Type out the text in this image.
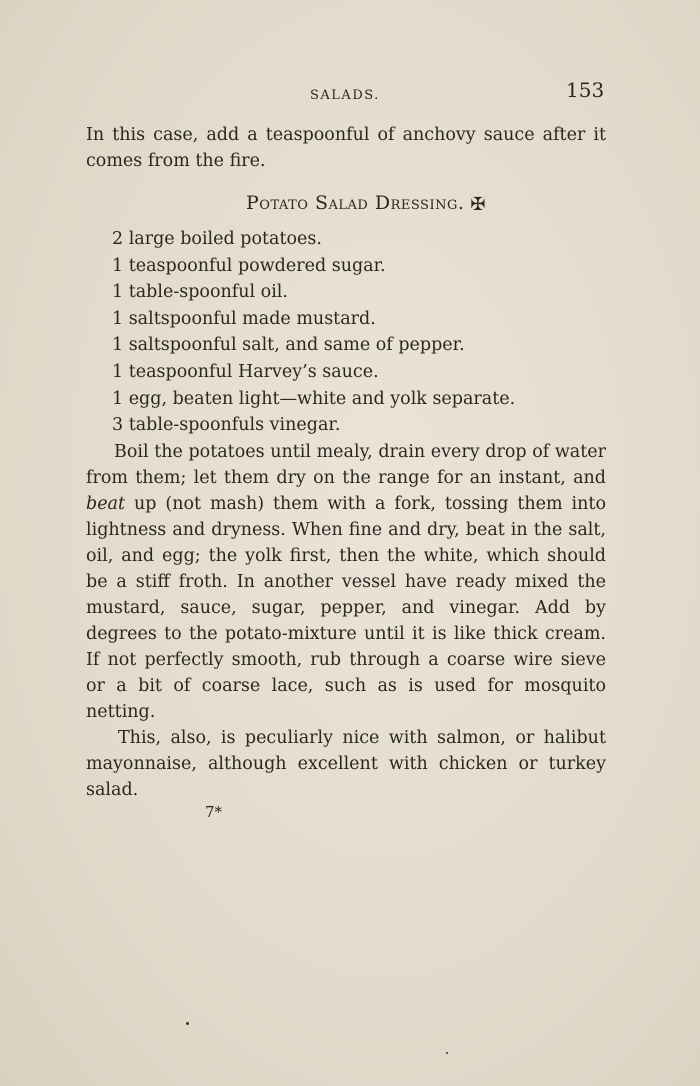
SALADS.	153

In this case, add a teaspoonful of anchovy sauce after it comes from the fire.

Potato Salad Dressing. ✠
2 large boiled potatoes.
1 teaspoonful powdered sugar.
1 table-spoonful oil.
1 saltspoonful made mustard.
1 saltspoonful salt, and same of pepper.
1 teaspoonful Harvey’s sauce.
1 egg, beaten light—white and yolk separate.
3 table-spoonfuls vinegar.

Boil the potatoes until mealy, drain every drop of water from them; let them dry on the range for an instant, and beat up (not mash) them with a fork, tossing them into lightness and dryness. When fine and dry, beat in the salt, oil, and egg; the yolk first, then the white, which should be a stiff froth. In another vessel have ready mixed the mustard, sauce, sugar, pepper, and vinegar. Add by degrees to the potato-mixture until it is like thick cream. If not perfectly smooth, rub through a coarse wire sieve or a bit of coarse lace, such as is used for mosquito netting.

This, also, is peculiarly nice with salmon, or halibut mayonnaise, although excellent with chicken or turkey salad.

7*
